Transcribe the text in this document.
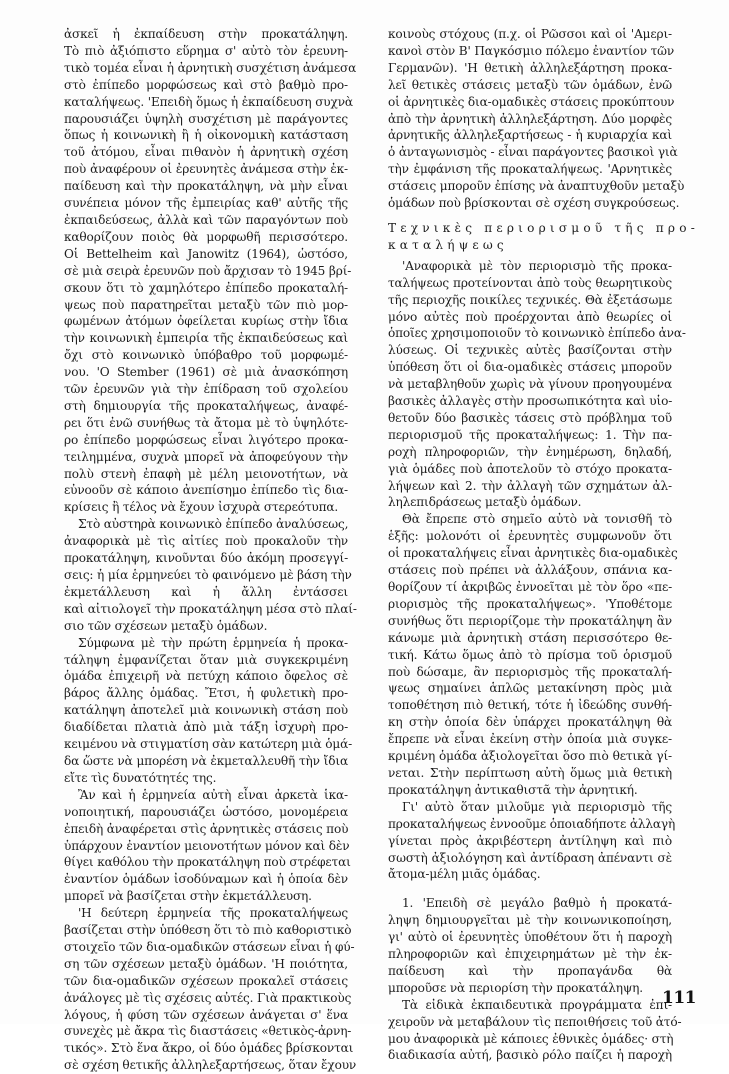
ἀσκεῖ ἡ ἐκπαίδευση στὴν προκατάληψη.
Τὸ πιὸ ἀξιόπιστο εὕρημα σ' αὐτὸ τὸν ἐρευνη-
τικὸ τομέα εἶναι ἡ ἀρνητικὴ συσχέτιση ἀνάμεσα
στὸ ἐπίπεδο μορφώσεως καὶ στὸ βαθμὸ προ-
καταλήψεως. 'Επειδὴ ὅμως ἡ ἐκπαίδευση συχνὰ
παρουσιάζει ὑψηλὴ συσχέτιση μὲ παράγοντες
ὅπως ἡ κοινωνικὴ ἢ ἡ οἰκονομικὴ κατάσταση
τοῦ ἀτόμου, εἶναι πιθανὸν ἡ ἀρνητικὴ σχέση
ποὺ ἀναφέρουν οἱ ἐρευνητὲς ἀνάμεσα στὴν ἐκ-
παίδευση καὶ τὴν προκατάληψη, νὰ μὴν εἶναι
συνέπεια μόνον τῆς ἐμπειρίας καθ' αὐτῆς τῆς
ἐκπαιδεύσεως, ἀλλὰ καὶ τῶν παραγόντων ποὺ
καθορίζουν ποιὸς θὰ μορφωθῆ περισσότερο.
Οἱ Bettelheim καὶ Janowitz (1964), ὡστόσο,
σὲ μιὰ σειρὰ ἐρευνῶν ποὺ ἄρχισαν τὸ 1945 βρί-
σκουν ὅτι τὸ χαμηλότερο ἐπίπεδο προκαταλή-
ψεως ποὺ παρατηρεῖται μεταξὺ τῶν πιὸ μορ-
φωμένων ἀτόμων ὀφείλεται κυρίως στὴν ἴδια
τὴν κοινωνικὴ ἐμπειρία τῆς ἐκπαιδεύσεως καὶ
ὄχι στὸ κοινωνικὸ ὑπόβαθρο τοῦ μορφωμέ-
νου. 'Ο Stember (1961) σὲ μιὰ ἀνασκόπηση
τῶν ἐρευνῶν γιὰ τὴν ἐπίδραση τοῦ σχολείου
στὴ δημιουργία τῆς προκαταλήψεως, ἀναφέ-
ρει ὅτι ἐνῶ συνήθως τὰ ἄτομα μὲ τὸ ὑψηλότε-
ρο ἐπίπεδο μορφώσεως εἶναι λιγότερο προκα-
τειλημμένα, συχνὰ μπορεῖ νὰ ἀποφεύγουν τὴν
πολὺ στενὴ ἐπαφὴ μὲ μέλη μειονοτήτων, νὰ
εὐνοοῦν σὲ κάποιο ἀνεπίσημο ἐπίπεδο τὶς δια-
κρίσεις ἢ τέλος νὰ ἔχουν ἰσχυρὰ στερεότυπα.
Στὸ αὐστηρὰ κοινωνικὸ ἐπίπεδο ἀναλύσεως,
ἀναφορικὰ μὲ τὶς αἰτίες ποὺ προκαλοῦν τὴν
προκατάληψη, κινοῦνται δύο ἀκόμη προσεγγί-
σεις: ἡ μία ἑρμηνεύει τὸ φαινόμενο μὲ βάση τὴν
ἐκμετάλλευση καὶ ἡ ἄλλη ἐντάσσει
καὶ αἰτιολογεῖ τὴν προκατάληψη μέσα στὸ πλαί-
σιο τῶν σχέσεων μεταξὺ ὁμάδων.
Σύμφωνα μὲ τὴν πρώτη ἑρμηνεία ἡ προκα-
τάληψη ἐμφανίζεται ὅταν μιὰ συγκεκριμένη
ὁμάδα ἐπιχειρῆ νὰ πετύχη κάποιο ὄφελος σὲ
βάρος ἄλλης ὁμάδας. Ἔτσι, ἡ φυλετικὴ προ-
κατάληψη ἀποτελεῖ μιὰ κοινωνικὴ στάση ποὺ
διαδίδεται πλατιὰ ἀπὸ μιὰ τάξη ἰσχυρὴ προ-
κειμένου νὰ στιγματίση σὰν κατώτερη μιὰ ὁμά-
δα ὥστε νὰ μπορέση νὰ ἐκμεταλλευθῆ τὴν ἴδια
εἴτε τὶς δυνατότητές της.
Ἂν καὶ ἡ ἑρμηνεία αὐτὴ εἶναι ἀρκετὰ ἱκα-
νοποιητική, παρουσιάζει ὡστόσο, μονομέρεια
ἐπειδὴ ἀναφέρεται στὶς ἀρνητικὲς στάσεις ποὺ
ὑπάρχουν ἐναντίον μειονοτήτων μόνον καὶ δὲν
θίγει καθόλου τὴν προκατάληψη ποὺ στρέφεται
ἐναντίον ὁμάδων ἰσοδύναμων καὶ ἡ ὁποία δὲν
μπορεῖ νὰ βασίζεται στὴν ἐκμετάλλευση.
'Η δεύτερη ἑρμηνεία τῆς προκαταλήψεως
βασίζεται στὴν ὑπόθεση ὅτι τὸ πιὸ καθοριστικὸ
στοιχεῖο τῶν δια-ομαδικῶν στάσεων εἶναι ἡ φύ-
ση τῶν σχέσεων μεταξὺ ὁμάδων. 'Η ποιότητα,
τῶν δια-ομαδικῶν σχέσεων προκαλεῖ στάσεις
ἀνάλογες μὲ τὶς σχέσεις αὐτές. Γιὰ πρακτικοὺς
λόγους, ἡ φύση τῶν σχέσεων ἀνάγεται σ' ἕνα
συνεχὲς μὲ ἄκρα τὶς διαστάσεις «θετικὸς-ἀρνη-
τικός». Στὸ ἕνα ἄκρο, οἱ δύο ὁμάδες βρίσκονται
σὲ σχέση θετικῆς ἀλληλεξαρτήσεως, ὅταν ἔχουν
κοινοὺς στόχους (π.χ. οἱ Ρῶσσοι καὶ οἱ 'Αμερι-
κανοὶ στὸν Β' Παγκόσμιο πόλεμο ἐναντίον τῶν
Γερμανῶν). 'Η θετικὴ ἀλληλεξάρτηση προκα-
λεῖ θετικὲς στάσεις μεταξὺ τῶν ὁμάδων, ἐνῶ
οἱ ἀρνητικὲς δια-ομαδικὲς στάσεις προκύπτουν
ἀπὸ τὴν ἀρνητικὴ ἀλληλεξάρτηση. Δύο μορφὲς
ἀρνητικῆς ἀλληλεξαρτήσεως - ἡ κυριαρχία καὶ
ὁ ἀνταγωνισμὸς - εἶναι παράγοντες βασικοὶ γιὰ
τὴν ἐμφάνιση τῆς προκαταλήψεως. 'Αρνητικὲς
στάσεις μποροῦν ἐπίσης νὰ ἀναπτυχθοῦν μεταξὺ
ὁμάδων ποὺ βρίσκονται σὲ σχέση συγκρούσεως.
Τεχνικὲς περιορισμοῦ τῆς προ-
καταλήψεως
'Αναφορικὰ μὲ τὸν περιορισμὸ τῆς προκα-
ταλήψεως προτείνονται ἀπὸ τοὺς θεωρητικοὺς
τῆς περιοχῆς ποικίλες τεχνικές. Θὰ ἐξετάσωμε
μόνο αὐτὲς ποὺ προέρχονται ἀπὸ θεωρίες οἱ
ὁποῖες χρησιμοποιοῦν τὸ κοινωνικὸ ἐπίπεδο ἀνα-
λύσεως. Οἱ τεχνικὲς αὐτὲς βασίζονται στὴν
ὑπόθεση ὅτι οἱ δια-ομαδικὲς στάσεις μποροῦν
νὰ μεταβληθοῦν χωρὶς νὰ γίνουν προηγουμένα
βασικὲς ἀλλαγὲς στὴν προσωπικότητα καὶ υἱο-
θετοῦν δύο βασικὲς τάσεις στὸ πρόβλημα τοῦ
περιορισμοῦ τῆς προκαταλήψεως: 1. Τὴν πα-
ροχὴ πληροφοριῶν, τὴν ἐνημέρωση, δηλαδή,
γιὰ ὁμάδες ποὺ ἀποτελοῦν τὸ στόχο προκατα-
λήψεων καὶ 2. τὴν ἀλλαγὴ τῶν σχημάτων ἀλ-
ληλεπιδράσεως μεταξὺ ὁμάδων.
Θὰ ἔπρεπε στὸ σημεῖο αὐτὸ νὰ τονισθῆ τὸ
ἑξῆς: μολονότι οἱ ἐρευνητὲς συμφωνοῦν ὅτι
οἱ προκαταλήψεις εἶναι ἀρνητικὲς δια-ομαδικὲς
στάσεις ποὺ πρέπει νὰ ἀλλάξουν, σπάνια κα-
θορίζουν τί ἀκριβῶς ἐννοεῖται μὲ τὸν ὅρο «πε-
ριορισμὸς τῆς προκαταλήψεως». 'Υποθέτομε
συνήθως ὅτι περιορίζομε τὴν προκατάληψη ἂν
κάνωμε μιὰ ἀρνητικὴ στάση περισσότερο θε-
τική. Κάτω ὅμως ἀπὸ τὸ πρίσμα τοῦ ὁρισμοῦ
ποὺ δώσαμε, ἂν περιορισμὸς τῆς προκαταλή-
ψεως σημαίνει ἁπλῶς μετακίνηση πρὸς μιὰ
τοποθέτηση πιὸ θετική, τότε ἡ ἰδεώδης συνθή-
κη στὴν ὁποία δὲν ὑπάρχει προκατάληψη θὰ
ἔπρεπε νὰ εἶναι ἐκείνη στὴν ὁποία μιὰ συγκε-
κριμένη ὁμάδα ἀξιολογεῖται ὅσο πιὸ θετικὰ γί-
νεται. Στὴν περίπτωση αὐτὴ ὅμως μιὰ θετικὴ
προκατάληψη ἀντικαθιστᾶ τὴν ἀρνητική.
Γι' αὐτὸ ὅταν μιλοῦμε γιὰ περιορισμὸ τῆς
προκαταλήψεως ἐννοοῦμε ὁποιαδήποτε ἀλλαγὴ
γίνεται πρὸς ἀκριβέστερη ἀντίληψη καὶ πιὸ
σωστὴ ἀξιολόγηση καὶ ἀντίδραση ἀπέναντι σὲ
ἄτομα-μέλη μιᾶς ὁμάδας.
1. 'Επειδὴ σὲ μεγάλο βαθμὸ ἡ προκατά-
ληψη δημιουργεῖται μὲ τὴν κοινωνικοποίηση,
γι' αὐτὸ οἱ ἐρευνητὲς ὑποθέτουν ὅτι ἡ παροχὴ
πληροφοριῶν καὶ ἐπιχειρημάτων μὲ τὴν ἐκ-
παίδευση καὶ τὴν προπαγάνδα θὰ
μποροῦσε νὰ περιορίση τὴν προκατάληψη.
Τὰ εἰδικὰ ἐκπαιδευτικὰ προγράμματα ἐπι-
χειροῦν νὰ μεταβάλουν τὶς πεποιθήσεις τοῦ ἀτό-
μου ἀναφορικὰ μὲ κάποιες ἐθνικὲς ὁμάδες· στὴ
διαδικασία αὐτή, βασικὸ ρόλο παίζει ἡ παροχὴ
111
